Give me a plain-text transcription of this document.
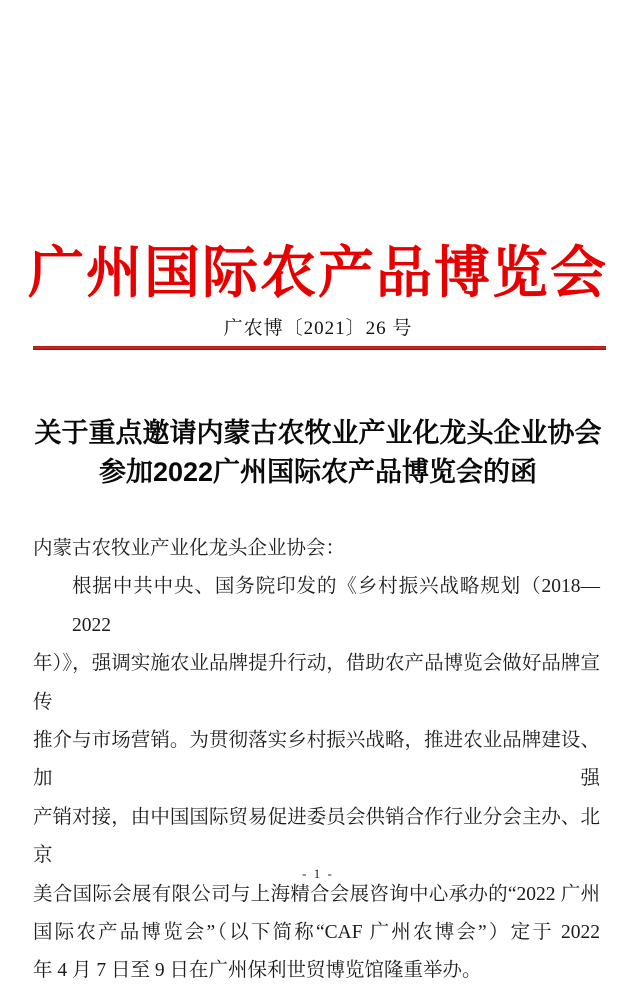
广州国际农产品博览会
广农博〔2021〕26 号
关于重点邀请内蒙古农牧业产业化龙头企业协会
参加2022广州国际农产品博览会的函
内蒙古农牧业产业化龙头企业协会：
根据中共中央、国务院印发的《乡村振兴战略规划（2018—2022
年）》，强调实施农业品牌提升行动，借助农产品博览会做好品牌宣传
推介与市场营销。为贯彻落实乡村振兴战略，推进农业品牌建设、加强
产销对接，由中国国际贸易促进委员会供销合作行业分会主办、北京
美合国际会展有限公司与上海精合会展咨询中心承办的“2022 广州
国际农产品博览会”（以下简称“CAF 广州农博会”）定于 2022
年 4 月 7 日至 9 日在广州保利世贸博览馆隆重举办。
- 1 -
